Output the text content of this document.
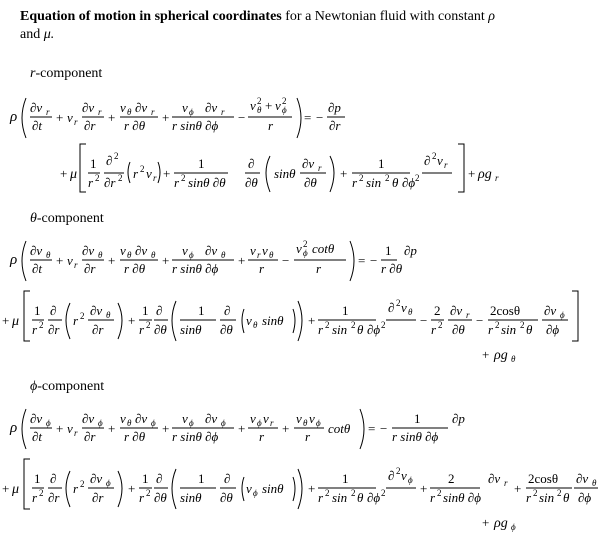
Equation of motion in spherical coordinates for a Newtonian fluid with constant ρ
and μ.
r-component
θ-component
ϕ-component
ρ
∂v r
∂t
+ v r
∂v r
∂r
+
v θ ∂v r
r ∂θ
+
v ϕ ∂v r
r sinθ ∂ϕ
−
v θ
2 + v ϕ
2
r
= −
∂p
∂r
+ μ
1
r 2
∂ 2
∂r 2 r 2 v r +
1
r 2 sinθ ∂θ
∂
∂θ
sinθ
∂v r
∂θ
+
1
r 2 sin 2 θ ∂ϕ 2
∂ 2 v r
+ ρg r
ρ
∂v θ
∂t
+ v r
∂v θ
∂r
+
v θ ∂v θ
r ∂θ
+
v ϕ ∂v θ
r sinθ ∂ϕ
+
v r v θ
r
−
v ϕ
2 cotθ
r
= −
1
r ∂θ
∂p
+ μ
1
r 2
∂
∂r
r 2 ∂v θ
∂r
+
1
r 2
∂
∂θ
1
sinθ
∂
∂θ
v θ sinθ +
1
r 2 sin 2 θ ∂ϕ 2
∂ 2 v θ
−
2
r 2
∂v r
∂θ
−
2cosθ
r 2 sin 2 θ
∂v ϕ
∂ϕ
+ ρg θ
ρ
∂v ϕ
∂t
+ v r
∂v ϕ
∂r
+
v θ ∂v ϕ
r ∂θ
+
v ϕ ∂v ϕ
r sinθ ∂ϕ
+
v ϕ v r
r
+
v θ v ϕ
r
cotθ = −
1
r sinθ ∂ϕ
∂p
+ μ
1
r 2
∂
∂r
r 2 ∂v ϕ
∂r
+
1
r 2
∂
∂θ
1
sinθ
∂
∂θ
v ϕ sinθ +
1
r 2 sin 2 θ ∂ϕ 2
∂ 2 v ϕ
+
2
r 2 sinθ ∂ϕ
∂v r +
2cosθ
r 2 sin 2 θ
∂v θ
∂ϕ
+ ρg ϕ
